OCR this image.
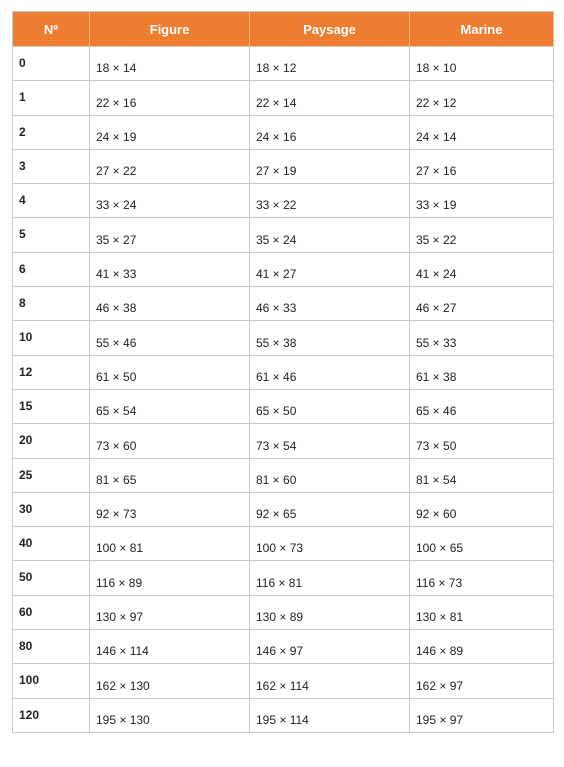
Nº	Figure	Paysage	Marine
0	18 × 14	18 × 12	18 × 10
1	22 × 16	22 × 14	22 × 12
2	24 × 19	24 × 16	24 × 14
3	27 × 22	27 × 19	27 × 16
4	33 × 24	33 × 22	33 × 19
5	35 × 27	35 × 24	35 × 22
6	41 × 33	41 × 27	41 × 24
8	46 × 38	46 × 33	46 × 27
10	55 × 46	55 × 38	55 × 33
12	61 × 50	61 × 46	61 × 38
15	65 × 54	65 × 50	65 × 46
20	73 × 60	73 × 54	73 × 50
25	81 × 65	81 × 60	81 × 54
30	92 × 73	92 × 65	92 × 60
40	100 × 81	100 × 73	100 × 65
50	116 × 89	116 × 81	116 × 73
60	130 × 97	130 × 89	130 × 81
80	146 × 114	146 × 97	146 × 89
100	162 × 130	162 × 114	162 × 97
120	195 × 130	195 × 114	195 × 97
